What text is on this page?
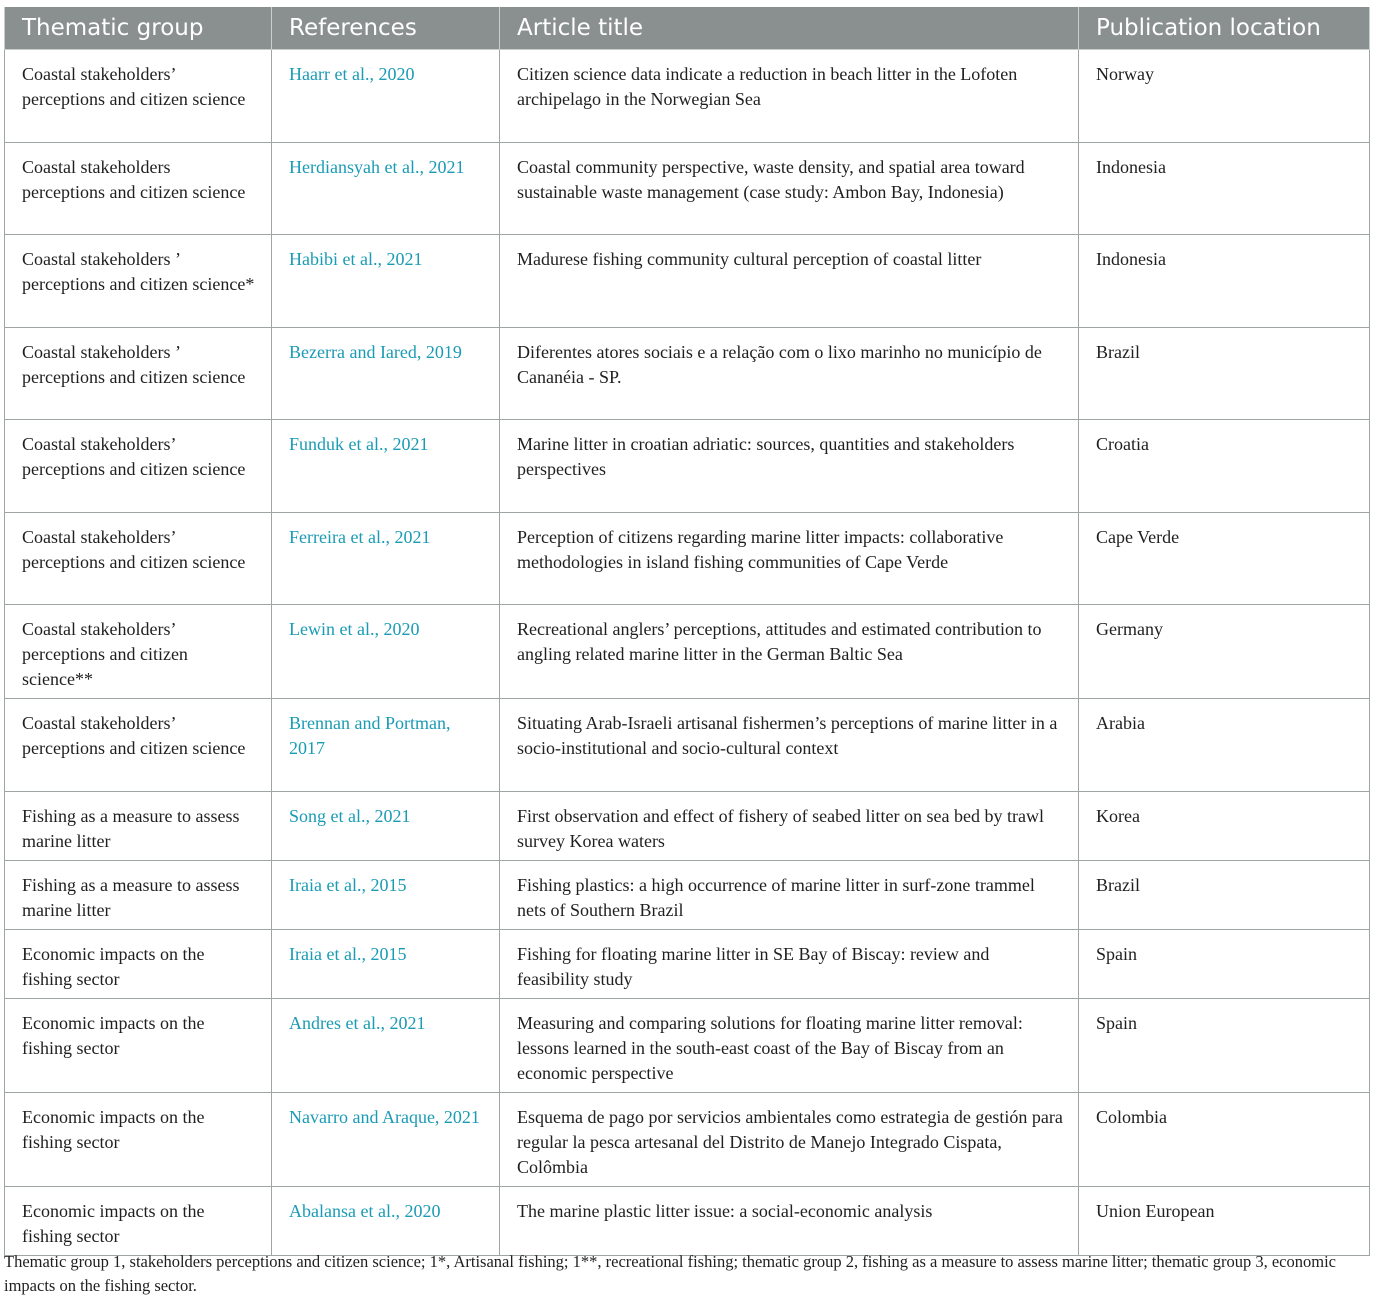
Thematic group	References	Article title	Publication location
Coastal stakeholders’ perceptions and citizen science	Haarr et al., 2020	Citizen science data indicate a reduction in beach litter in the Lofoten archipelago in the Norwegian Sea	Norway
Coastal stakeholders perceptions and citizen science	Herdiansyah et al., 2021	Coastal community perspective, waste density, and spatial area toward sustainable waste management (case study: Ambon Bay, Indonesia)	Indonesia
Coastal stakeholders ’ perceptions and citizen science*	Habibi et al., 2021	Madurese fishing community cultural perception of coastal litter	Indonesia
Coastal stakeholders ’ perceptions and citizen science	Bezerra and Iared, 2019	Diferentes atores sociais e a relação com o lixo marinho no município de Cananéia - SP.	Brazil
Coastal stakeholders’ perceptions and citizen science	Funduk et al., 2021	Marine litter in croatian adriatic: sources, quantities and stakeholders perspectives	Croatia
Coastal stakeholders’ perceptions and citizen science	Ferreira et al., 2021	Perception of citizens regarding marine litter impacts: collaborative methodologies in island fishing communities of Cape Verde	Cape Verde
Coastal stakeholders’ perceptions and citizen science**	Lewin et al., 2020	Recreational anglers’ perceptions, attitudes and estimated contribution to angling related marine litter in the German Baltic Sea	Germany
Coastal stakeholders’ perceptions and citizen science	Brennan and Portman, 2017	Situating Arab-Israeli artisanal fishermen’s perceptions of marine litter in a socio-institutional and socio-cultural context	Arabia
Fishing as a measure to assess marine litter	Song et al., 2021	First observation and effect of fishery of seabed litter on sea bed by trawl survey Korea waters	Korea
Fishing as a measure to assess marine litter	Iraia et al., 2015	Fishing plastics: a high occurrence of marine litter in surf-zone trammel nets of Southern Brazil	Brazil
Economic impacts on the fishing sector	Iraia et al., 2015	Fishing for floating marine litter in SE Bay of Biscay: review and feasibility study	Spain
Economic impacts on the fishing sector	Andres et al., 2021	Measuring and comparing solutions for floating marine litter removal: lessons learned in the south-east coast of the Bay of Biscay from an economic perspective	Spain
Economic impacts on the fishing sector	Navarro and Araque, 2021	Esquema de pago por servicios ambientales como estrategia de gestión para regular la pesca artesanal del Distrito de Manejo Integrado Cispata, Colômbia	Colombia
Economic impacts on the fishing sector	Abalansa et al., 2020	The marine plastic litter issue: a social-economic analysis	Union European
Thematic group 1, stakeholders perceptions and citizen science; 1*, Artisanal fishing; 1**, recreational fishing; thematic group 2, fishing as a measure to assess marine litter; thematic group 3, economic impacts on the fishing sector.
